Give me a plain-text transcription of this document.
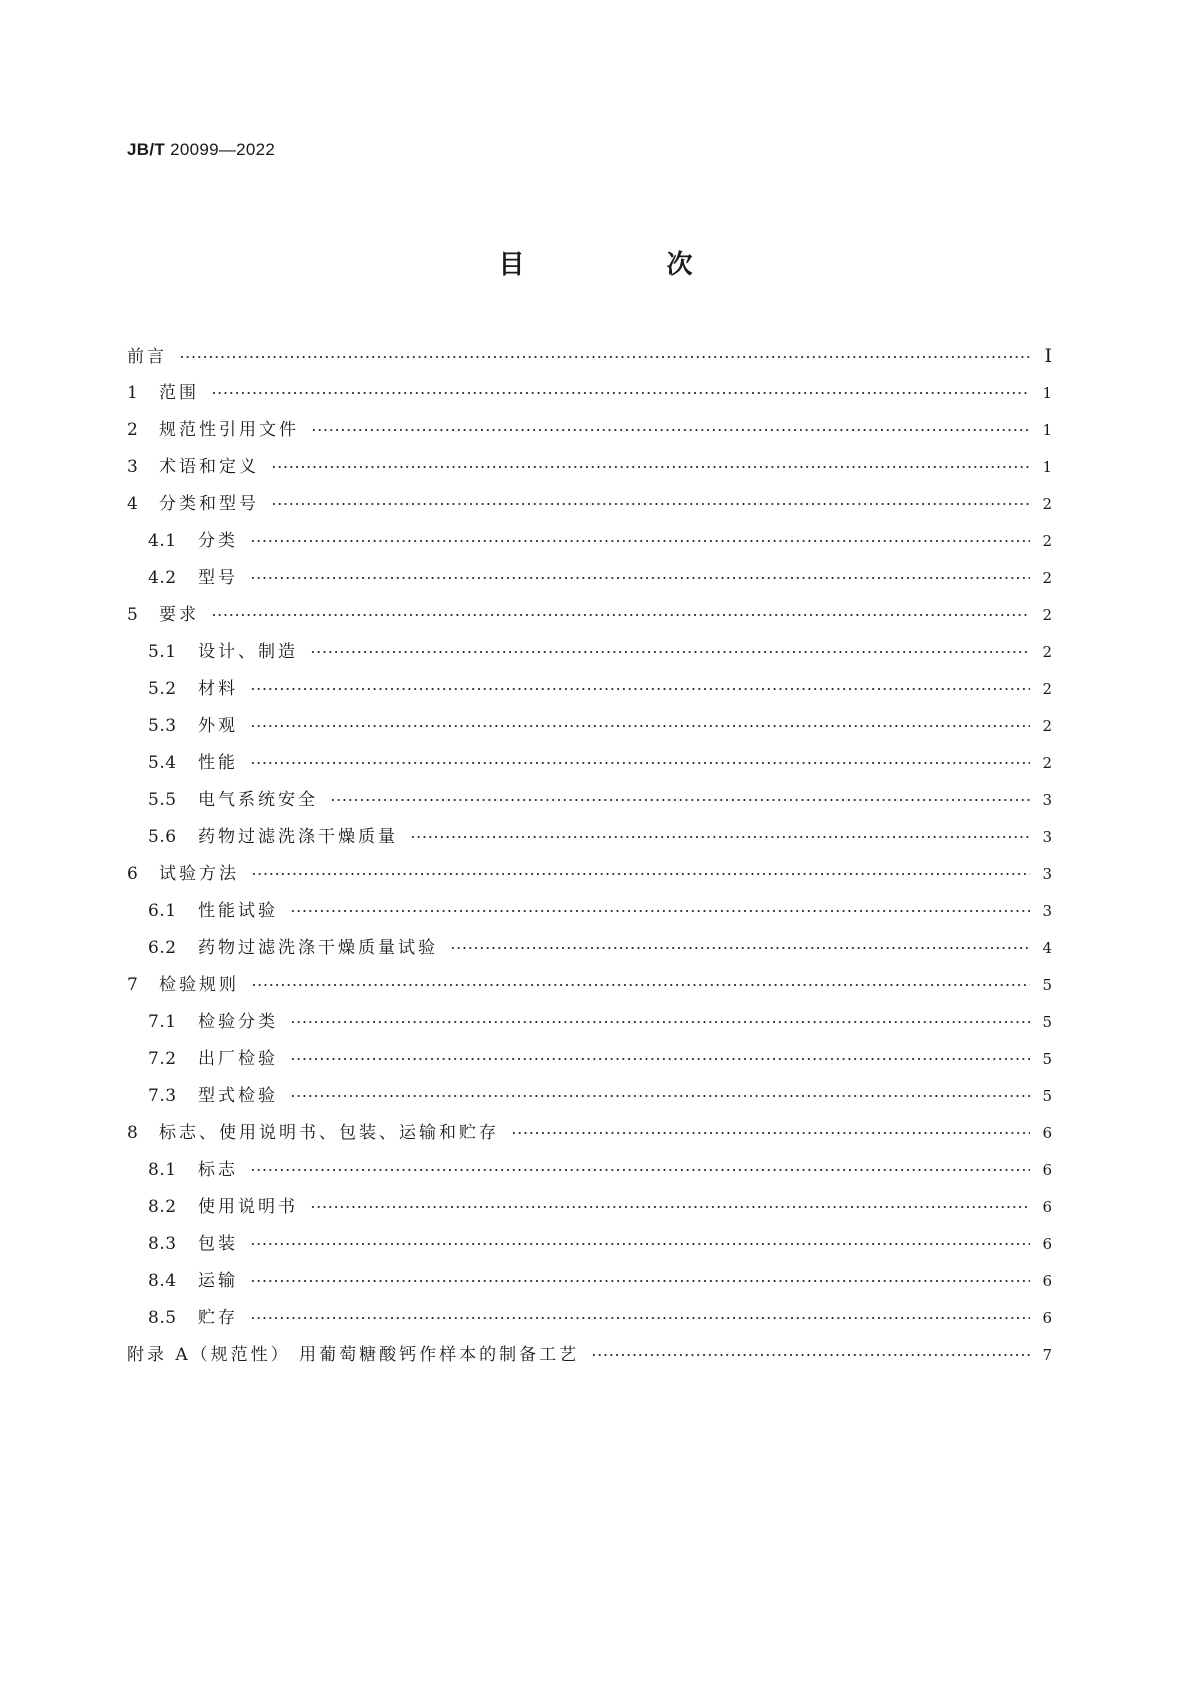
JB/T 20099—2022
目　次
前言	Ⅰ
1	范围	1
2	规范性引用文件	1
3	术语和定义	1
4	分类和型号	2
4.1	分类	2
4.2	型号	2
5	要求	2
5.1	设计、制造	2
5.2	材料	2
5.3	外观	2
5.4	性能	2
5.5	电气系统安全	3
5.6	药物过滤洗涤干燥质量	3
6	试验方法	3
6.1	性能试验	3
6.2	药物过滤洗涤干燥质量试验	4
7	检验规则	5
7.1	检验分类	5
7.2	出厂检验	5
7.3	型式检验	5
8	标志、使用说明书、包装、运输和贮存	6
8.1	标志	6
8.2	使用说明书	6
8.3	包装	6
8.4	运输	6
8.5	贮存	6
附录 A（规范性） 用葡萄糖酸钙作样本的制备工艺	7
